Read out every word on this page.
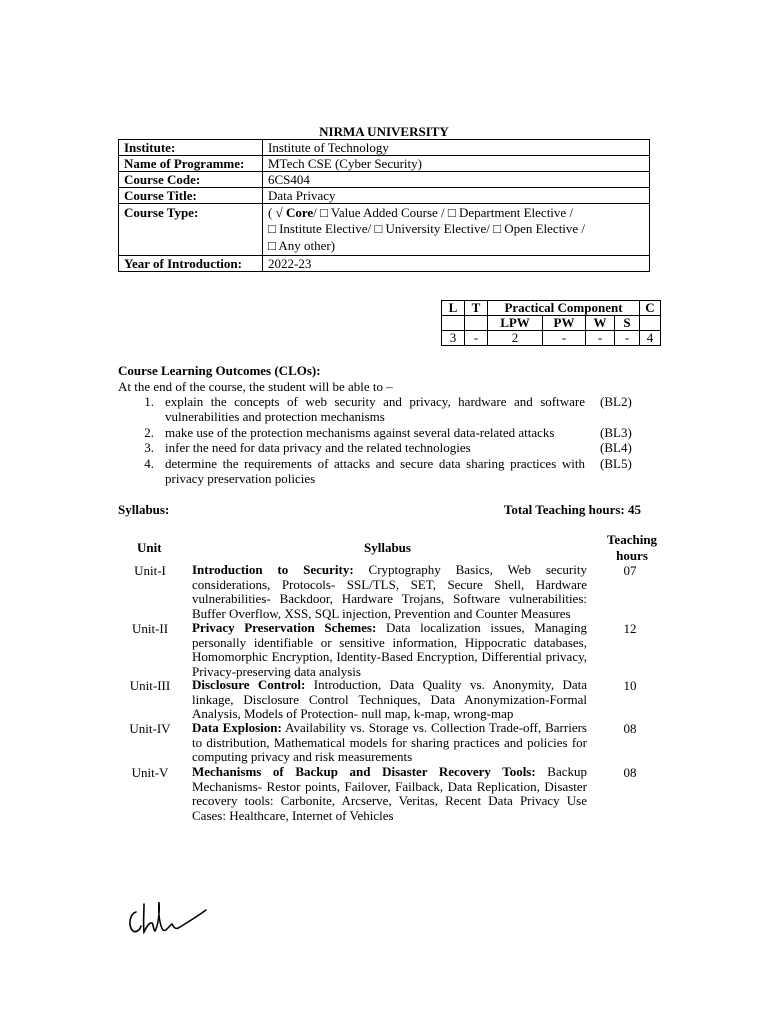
NIRMA UNIVERSITY
Institute:	Institute of Technology
Name of Programme:	MTech CSE (Cyber Security)
Course Code:	6CS404
Course Title:	Data Privacy
Course Type:	( √ Core/ □ Value Added Course / □ Department Elective /
□ Institute Elective/ □ University Elective/ □ Open Elective /
□ Any other)

Year of Introduction:	2022-23
L	T	Practical Component				C
		LPW	PW	W	S	
3	-	2	-	-	-	4
Course Learning Outcomes (CLOs):
At the end of the course, the student will be able to –
1. explain the concepts of web security and privacy, hardware and software vulnerabilities and protection mechanisms
(BL2)
2. make use of the protection mechanisms against several data-related attacks	(BL3)
3. infer the need for data privacy and the related technologies	(BL4)
4. determine the requirements of attacks and secure data sharing practices with privacy preservation policies
(BL5)
Syllabus:	Total Teaching hours: 45
Unit	Syllabus
Teaching hours
Unit-I	Introduction to Security: Cryptography Basics, Web security considerations, Protocols- SSL/TLS, SET, Secure Shell, Hardware vulnerabilities- Backdoor, Hardware Trojans, Software vulnerabilities: Buffer Overflow, XSS, SQL injection, Prevention and Counter Measures
07
Unit-II	Privacy Preservation Schemes: Data localization issues, Managing personally identifiable or sensitive information, Hippocratic databases, Homomorphic Encryption, Identity-Based Encryption, Differential privacy, Privacy-preserving data analysis
12
Unit-III	Disclosure Control: Introduction, Data Quality vs. Anonymity, Data linkage, Disclosure Control Techniques, Data Anonymization-Formal Analysis, Models of Protection- null map, k-map, wrong-map
10
Unit-IV	Data Explosion: Availability vs. Storage vs. Collection Trade-off, Barriers to distribution, Mathematical models for sharing practices and policies for computing privacy and risk measurements
08
Unit-V	Mechanisms of Backup and Disaster Recovery Tools: Backup Mechanisms- Restor points, Failover, Failback, Data Replication, Disaster recovery tools: Carbonite, Arcserve, Veritas, Recent Data Privacy Use Cases: Healthcare, Internet of Vehicles
08
